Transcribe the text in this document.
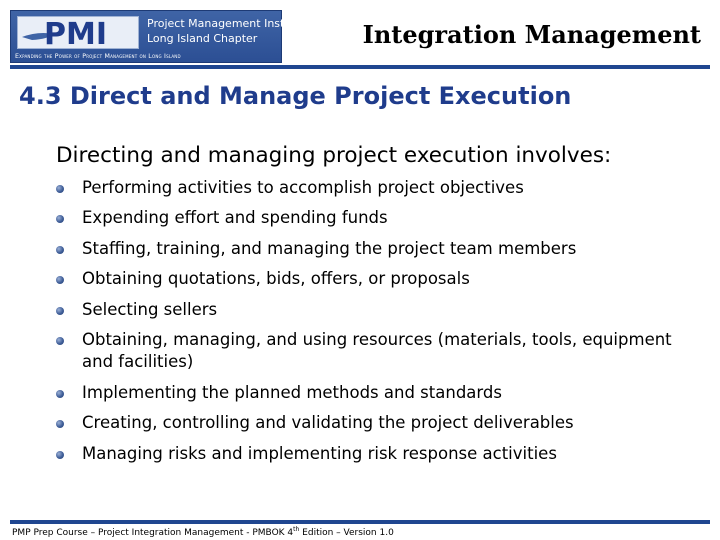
PMI	Project Management Institute
Long Island Chapter
Expanding the Power of Project Management on Long Island
Integration Management
4.3 Direct and Manage Project Execution
Directing and managing project execution involves:
Performing activities to accomplish project objectives
Expending effort and spending funds
Staffing, training, and managing the project team members
Obtaining quotations, bids, offers, or proposals
Selecting sellers
Obtaining, managing, and using resources (materials, tools, equipment and facilities)
Implementing the planned methods and standards
Creating, controlling and validating the project deliverables
Managing risks and implementing risk response activities
PMP Prep Course – Project Integration Management - PMBOK 4th Edition – Version 1.0
